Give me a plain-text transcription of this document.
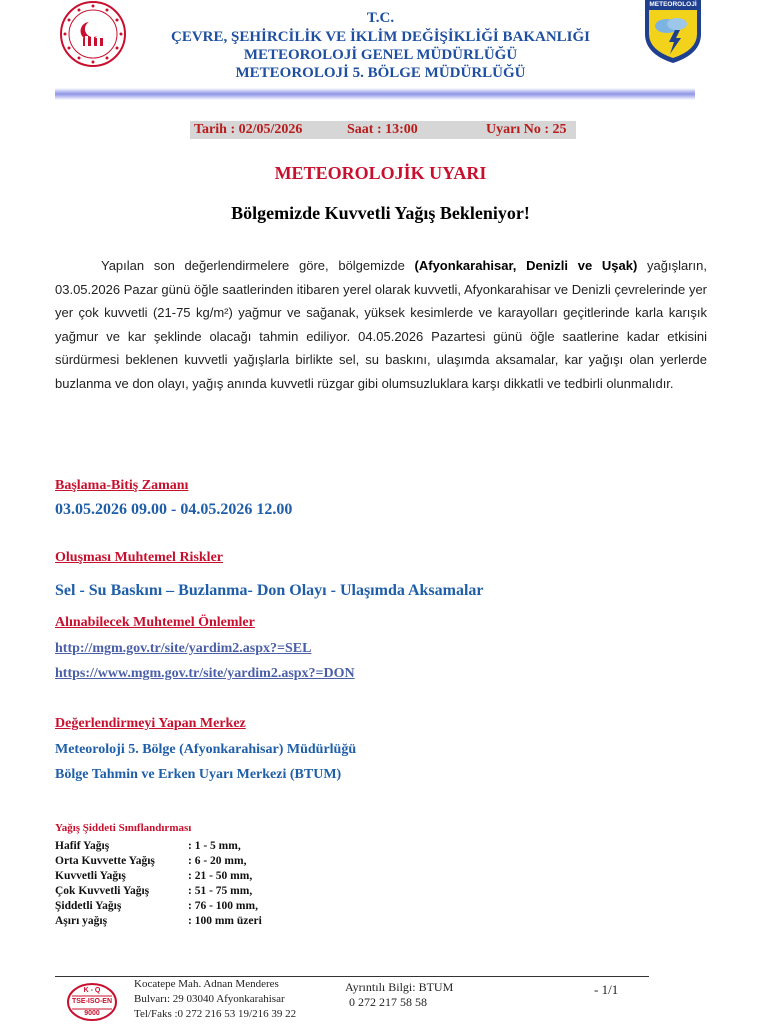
METEOROLOJİ
T.C.
ÇEVRE, ŞEHİRCİLİK VE İKLİM DEĞİŞİKLİĞİ BAKANLIĞI
METEOROLOJİ GENEL MÜDÜRLÜĞÜ
METEOROLOJİ 5. BÖLGE MÜDÜRLÜĞÜ
Tarih : 02/05/2026	Saat : 13:00	Uyarı No : 25
METEOROLOJİK UYARI
Bölgemizde Kuvvetli Yağış Bekleniyor!
Yapılan son değerlendirmelere göre, bölgemizde (Afyonkarahisar, Denizli ve Uşak) yağışların, 03.05.2026 Pazar günü öğle saatlerinden itibaren yerel olarak kuvvetli, Afyonkarahisar ve Denizli çevrelerinde yer yer çok kuvvetli (21-75 kg/m²) yağmur ve sağanak, yüksek kesimlerde ve karayolları geçitlerinde karla karışık yağmur ve kar şeklinde olacağı tahmin ediliyor. 04.05.2026 Pazartesi günü öğle saatlerine kadar etkisini sürdürmesi beklenen kuvvetli yağışlarla birlikte sel, su baskını, ulaşımda aksamalar, kar yağışı olan yerlerde buzlanma ve don olayı, yağış anında kuvvetli rüzgar gibi olumsuzluklara karşı dikkatli ve tedbirli olunmalıdır.
Başlama-Bitiş Zamanı
03.05.2026 09.00 - 04.05.2026 12.00
Oluşması Muhtemel Riskler
Sel - Su Baskını – Buzlanma- Don Olayı - Ulaşımda Aksamalar
Alınabilecek Muhtemel Önlemler
http://mgm.gov.tr/site/yardim2.aspx?=SEL
https://www.mgm.gov.tr/site/yardim2.aspx?=DON
Değerlendirmeyi Yapan Merkez
Meteoroloji 5. Bölge (Afyonkarahisar) Müdürlüğü
Bölge Tahmin ve Erken Uyarı Merkezi (BTUM)
Yağış Şiddeti Sınıflandırması
Hafif Yağış	: 1 - 5 mm,
Orta Kuvvette Yağış	: 6 - 20 mm,
Kuvvetli Yağış	: 21 - 50 mm,
Çok Kuvvetli Yağış	: 51 - 75 mm,
Şiddetli Yağış	: 76 - 100 mm,
Aşırı yağış	: 100 mm üzeri
K - Q
TSE-ISO-EN
9000
Kocatepe Mah. Adnan Menderes
Bulvarı: 29 03040 Afyonkarahisar
Tel/Faks :0 272 216 53 19/216 39 22
Ayrıntılı Bilgi: BTUM
0 272 217 58 58
- 1/1
